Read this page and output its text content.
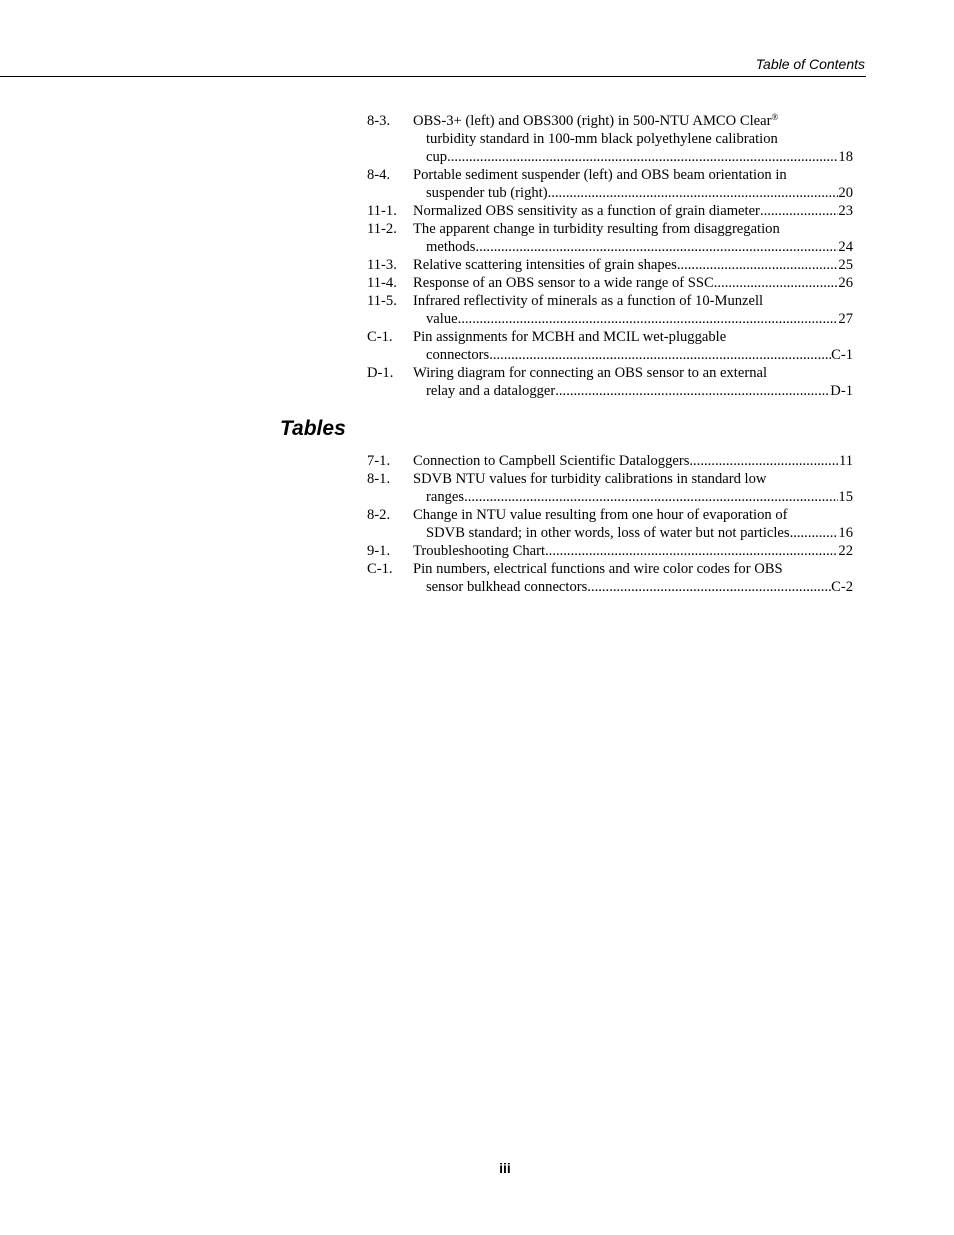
Table of Contents
8-3.	OBS-3+ (left) and OBS300 (right) in 500-NTU AMCO Clear®
turbidity standard in 100-mm black polyethylene calibration
cup .....	18
8-4.	Portable sediment suspender (left) and OBS beam orientation in
suspender tub (right) .....	20
11-1.	Normalized OBS sensitivity as a function of grain diameter .....	23
11-2.	The apparent change in turbidity resulting from disaggregation
methods .....	24
11-3.	Relative scattering intensities of grain shapes .....	25
11-4.	Response of an OBS sensor to a wide range of SSC .....	26
11-5.	Infrared reflectivity of minerals as a function of 10-Munzell
value .....	27
C-1.	Pin assignments for MCBH and MCIL wet-pluggable
connectors .....	C-1
D-1.	Wiring diagram for connecting an OBS sensor to an external
relay and a datalogger .....	D-1
Tables
7-1.	Connection to Campbell Scientific Dataloggers .....	11
8-1.	SDVB NTU values for turbidity calibrations in standard low
ranges .....	15
8-2.	Change in NTU value resulting from one hour of evaporation of
SDVB standard; in other words, loss of water but not particles. .....	16
9-1.	Troubleshooting Chart .....	22
C-1.	Pin numbers, electrical functions and wire color codes for OBS
sensor bulkhead connectors. .....	C-2
iii
